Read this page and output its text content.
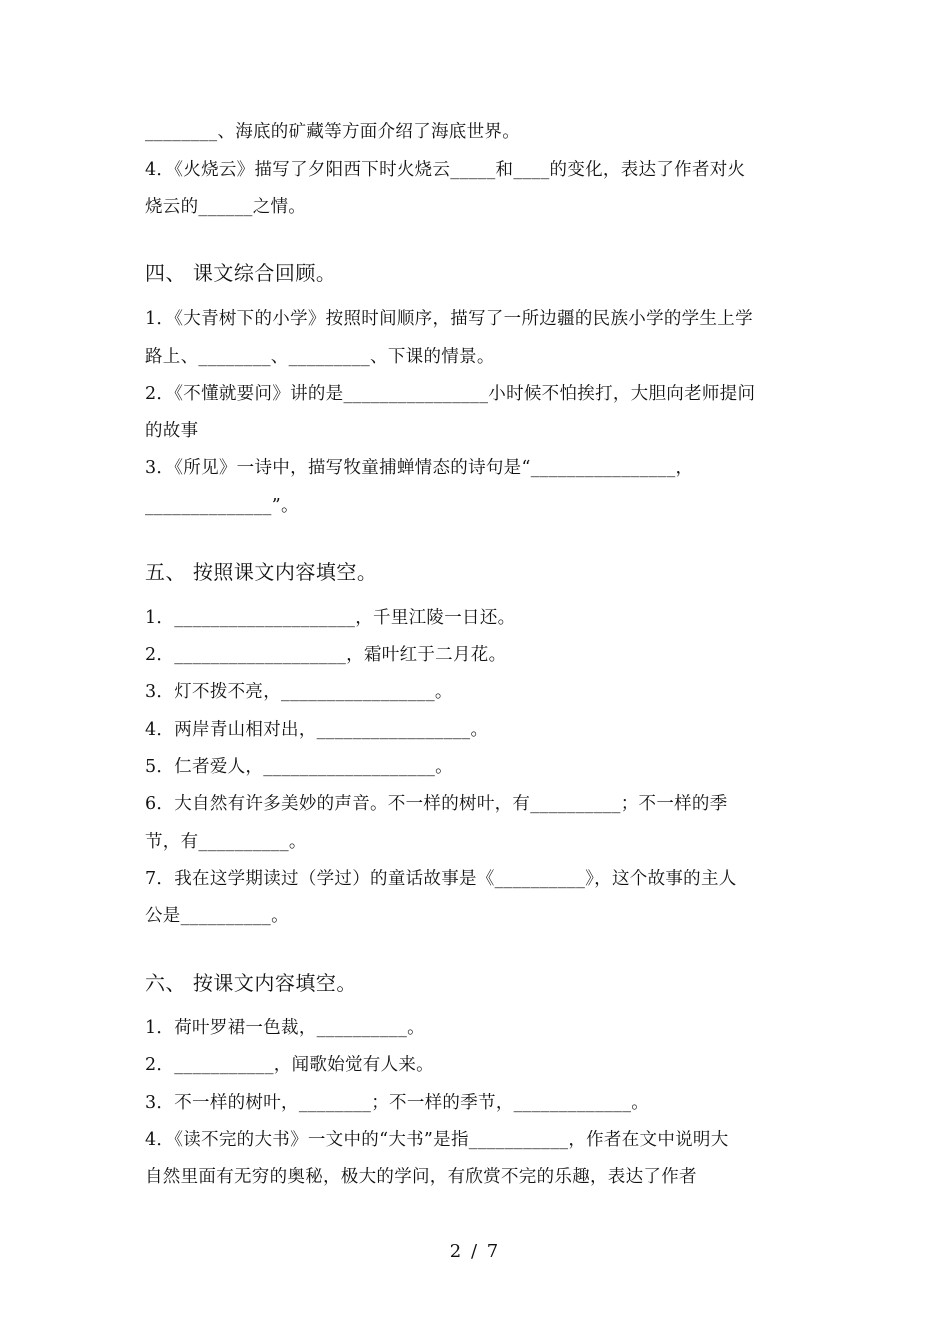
________、海底的矿藏等方面介绍了海底世界。
4．《火烧云》描写了夕阳西下时火烧云_____和____的变化，表达了作者对火
烧云的______之情。
四、 课文综合回顾。
1．《大青树下的小学》按照时间顺序，描写了一所边疆的民族小学的学生上学
路上、________、_________、下课的情景。
2．《不懂就要问》讲的是________________小时候不怕挨打，大胆向老师提问
的故事
3．《所见》一诗中，描写牧童捕蝉情态的诗句是“________________，
______________”。
五、 按照课文内容填空。
1．____________________，千里江陵一日还。
2．___________________，霜叶红于二月花。
3．灯不拨不亮，_________________。
4．两岸青山相对出，_________________。
5．仁者爱人，___________________。
6．大自然有许多美妙的声音。不一样的树叶，有__________；不一样的季
节，有__________。
7．我在这学期读过（学过）的童话故事是《__________》，这个故事的主人
公是__________。
六、 按课文内容填空。
1．荷叶罗裙一色裁，__________。
2．___________，闻歌始觉有人来。
3．不一样的树叶，________；不一样的季节，_____________。
4．《读不完的大书》一文中的“大书”是指___________，作者在文中说明大
自然里面有无穷的奥秘，极大的学问，有欣赏不完的乐趣，表达了作者
2 / 7
